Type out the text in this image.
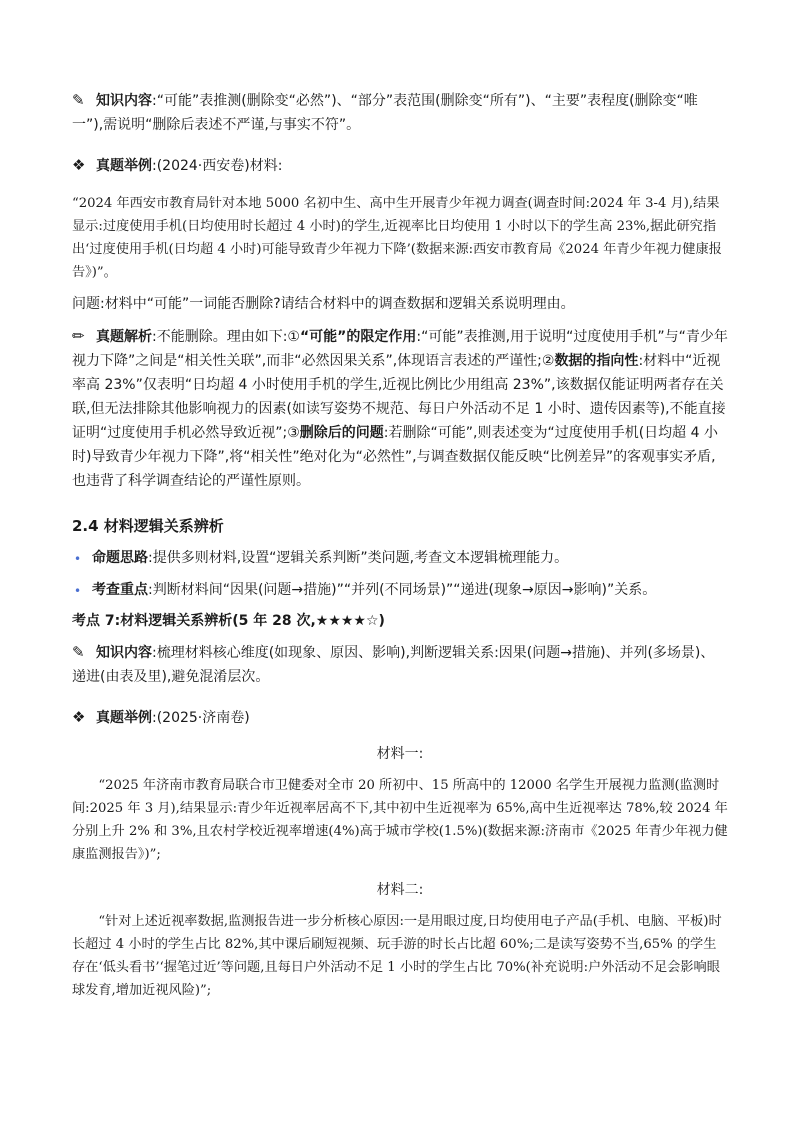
✎ 知识内容:“可能”表推测(删除变“必然”)、“部分”表范围(删除变“所有”)、“主要”表程度(删除变“唯一”),需说明“删除后表述不严谨,与事实不符”。

❖ 真题举例:(2024·西安卷)材料:

“2024 年西安市教育局针对本地 5000 名初中生、高中生开展青少年视力调查(调查时间:2024 年 3-4 月),结果显示:过度使用手机(日均使用时长超过 4 小时)的学生,近视率比日均使用 1 小时以下的学生高 23%,据此研究指出‘过度使用手机(日均超 4 小时)可能导致青少年视力下降’(数据来源:西安市教育局《2024 年青少年视力健康报告》)”。

问题:材料中“可能”一词能否删除?请结合材料中的调查数据和逻辑关系说明理由。

✏ 真题解析:不能删除。理由如下:①“可能”的限定作用:“可能”表推测,用于说明“过度使用手机”与“青少年视力下降”之间是“相关性关联”,而非“必然因果关系”,体现语言表述的严谨性;②数据的指向性:材料中“近视率高 23%”仅表明“日均超 4 小时使用手机的学生,近视比例比少用组高 23%”,该数据仅能证明两者存在关联,但无法排除其他影响视力的因素(如读写姿势不规范、每日户外活动不足 1 小时、遗传因素等),不能直接证明“过度使用手机必然导致近视”;③删除后的问题:若删除“可能”,则表述变为“过度使用手机(日均超 4 小时)导致青少年视力下降”,将“相关性”绝对化为“必然性”,与调查数据仅能反映“比例差异”的客观事实矛盾,也违背了科学调查结论的严谨性原则。

2.4 材料逻辑关系辨析
• 命题思路:提供多则材料,设置“逻辑关系判断”类问题,考查文本逻辑梳理能力。
• 考查重点:判断材料间“因果(问题→措施)”“并列(不同场景)”“递进(现象→原因→影响)”关系。
考点 7:材料逻辑关系辨析(5 年 28 次,★★★★☆)

✎ 知识内容:梳理材料核心维度(如现象、原因、影响),判断逻辑关系:因果(问题→措施)、并列(多场景)、递进(由表及里),避免混淆层次。

❖ 真题举例:(2025·济南卷)

材料一:

“2025 年济南市教育局联合市卫健委对全市 20 所初中、15 所高中的 12000 名学生开展视力监测(监测时间:2025 年 3 月),结果显示:青少年近视率居高不下,其中初中生近视率为 65%,高中生近视率达 78%,较 2024 年分别上升 2% 和 3%,且农村学校近视率增速(4%)高于城市学校(1.5%)(数据来源:济南市《2025 年青少年视力健康监测报告》)”;

材料二:

“针对上述近视率数据,监测报告进一步分析核心原因:一是用眼过度,日均使用电子产品(手机、电脑、平板)时长超过 4 小时的学生占比 82%,其中课后刷短视频、玩手游的时长占比超 60%;二是读写姿势不当,65% 的学生存在‘低头看书’‘握笔过近’等问题,且每日户外活动不足 1 小时的学生占比 70%(补充说明:户外活动不足会影响眼球发育,增加近视风险)”;
